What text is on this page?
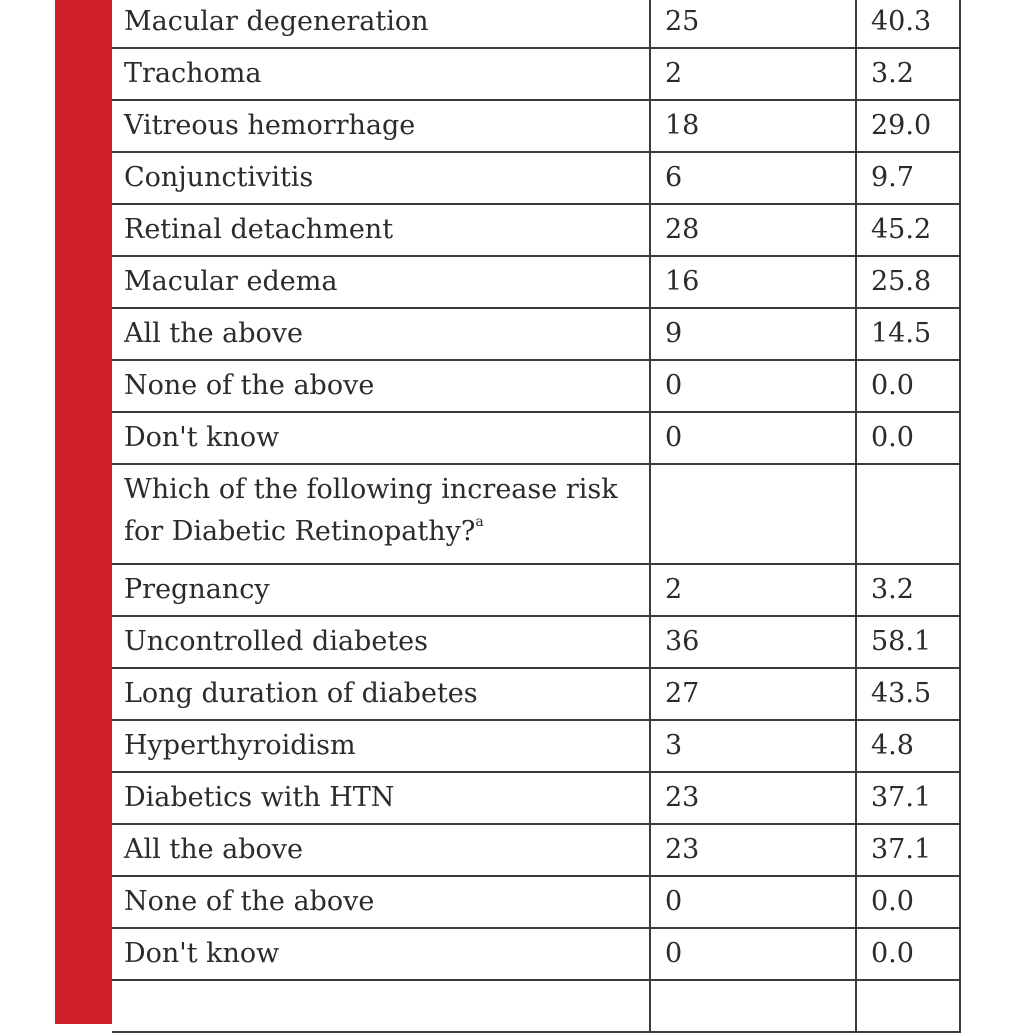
Macular degeneration	25	40.3
Trachoma	2	3.2
Vitreous hemorrhage	18	29.0
Conjunctivitis	6	9.7
Retinal detachment	28	45.2
Macular edema	16	25.8
All the above	9	14.5
None of the above	0	0.0
Don't know	0	0.0
Which of the following increase risk
for Diabetic Retinopathy?$^a$		
Pregnancy	2	3.2
Uncontrolled diabetes	36	58.1
Long duration of diabetes	27	43.5
Hyperthyroidism	3	4.8
Diabetics with HTN	23	37.1
All the above	23	37.1
None of the above	0	0.0
Don't know	0	0.0
